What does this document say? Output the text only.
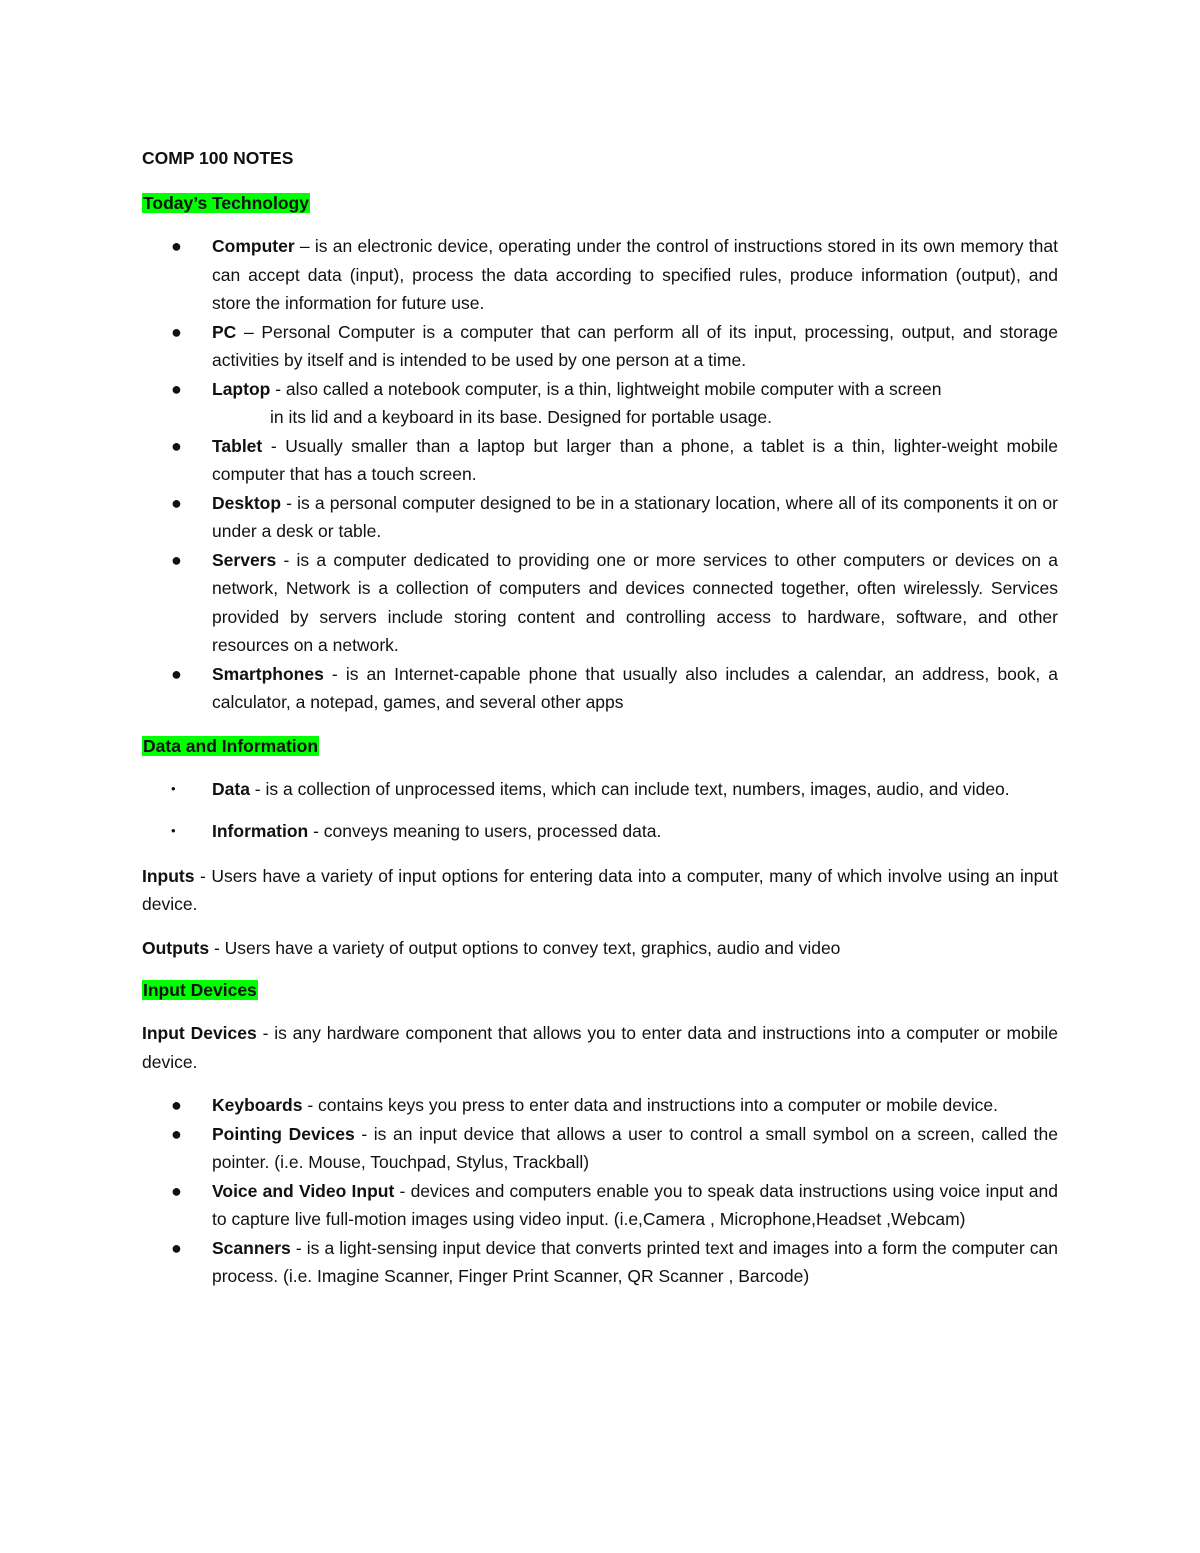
COMP 100 NOTES
Today’s Technology
● Computer – is an electronic device, operating under the control of instructions stored in its own memory that can accept data (input), process the data according to specified rules, produce information (output), and store the information for future use.
● PC – Personal Computer is a computer that can perform all of its input, processing, output, and storage activities by itself and is intended to be used by one person at a time.
● Laptop - also called a notebook computer, is a thin, lightweight mobile computer with a screen
in its lid and a keyboard in its base. Designed for portable usage.
● Tablet - Usually smaller than a laptop but larger than a phone, a tablet is a thin, lighter-weight mobile computer that has a touch screen.
● Desktop - is a personal computer designed to be in a stationary location, where all of its components it on or under a desk or table.
● Servers - is a computer dedicated to providing one or more services to other computers or devices on a network, Network is a collection of computers and devices connected together, often wirelessly. Services provided by servers include storing content and controlling access to hardware, software, and other resources on a network.
● Smartphones - is an Internet-capable phone that usually also includes a calendar, an address, book, a calculator, a notepad, games, and several other apps
Data and Information
• Data - is a collection of unprocessed items, which can include text, numbers, images, audio, and video.
• Information - conveys meaning to users, processed data.

Inputs - Users have a variety of input options for entering data into a computer, many of which involve using an input device.

Outputs - Users have a variety of output options to convey text, graphics, audio and video

Input Devices

Input Devices - is any hardware component that allows you to enter data and instructions into a computer or mobile device.

● Keyboards - contains keys you press to enter data and instructions into a computer or mobile device.
● Pointing Devices - is an input device that allows a user to control a small symbol on a screen, called the pointer. (i.e. Mouse, Touchpad, Stylus, Trackball)
● Voice and Video Input - devices and computers enable you to speak data instructions using voice input and to capture live full-motion images using video input. (i.e,Camera , Microphone,Headset ,Webcam)
● Scanners - is a light-sensing input device that converts printed text and images into a form the computer can process. (i.e. Imagine Scanner, Finger Print Scanner, QR Scanner , Barcode)
